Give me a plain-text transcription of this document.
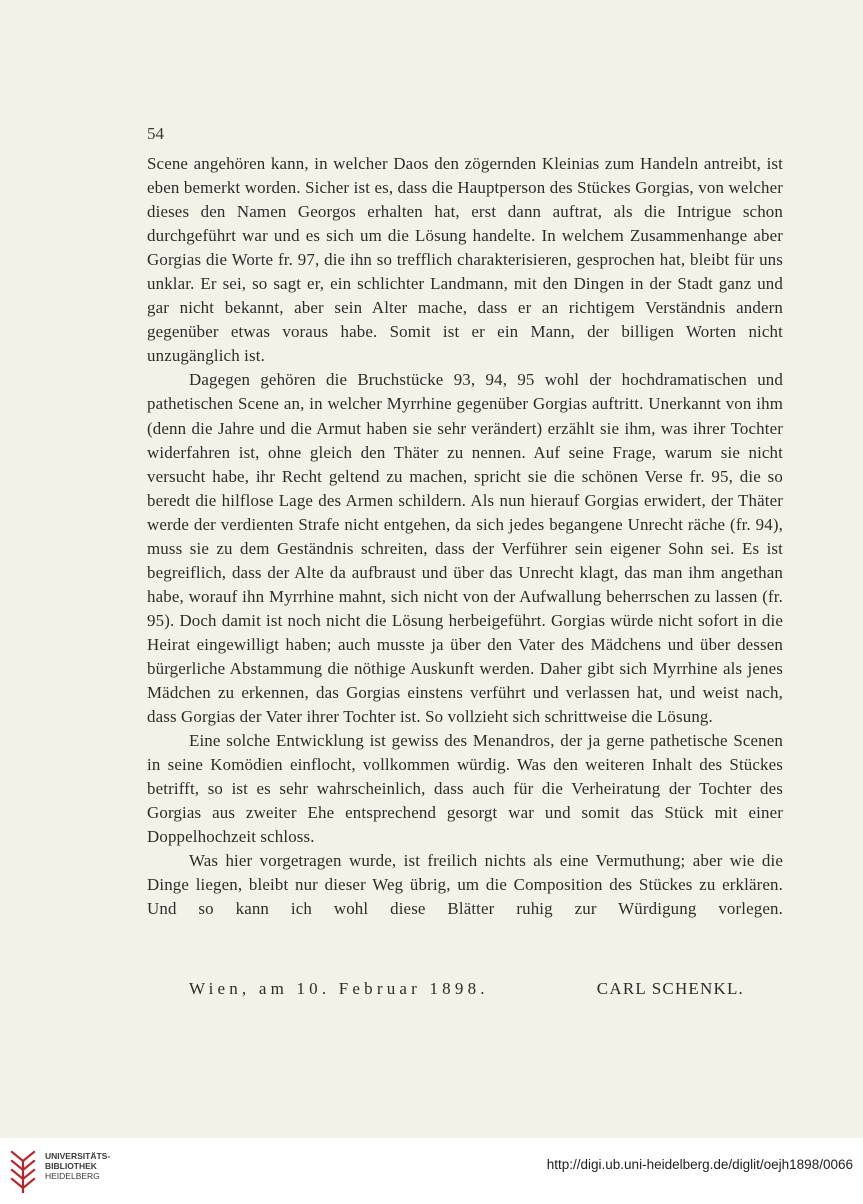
54

Scene angehören kann, in welcher Daos den zögernden Kleinias zum Handeln antreibt, ist eben bemerkt worden. Sicher ist es, dass die Hauptperson des Stückes Gorgias, von welcher dieses den Namen Georgos erhalten hat, erst dann auftrat, als die Intrigue schon durchgeführt war und es sich um die Lösung handelte. In welchem Zusammenhange aber Gorgias die Worte fr. 97, die ihn so trefflich charakterisieren, gesprochen hat, bleibt für uns unklar. Er sei, so sagt er, ein schlichter Landmann, mit den Dingen in der Stadt ganz und gar nicht bekannt, aber sein Alter mache, dass er an richtigem Verständnis andern gegenüber etwas voraus habe. Somit ist er ein Mann, der billigen Worten nicht unzugänglich ist.

Dagegen gehören die Bruchstücke 93, 94, 95 wohl der hochdramatischen und pathetischen Scene an, in welcher Myrrhine gegenüber Gorgias auftritt. Unerkannt von ihm (denn die Jahre und die Armut haben sie sehr verändert) erzählt sie ihm, was ihrer Tochter widerfahren ist, ohne gleich den Thäter zu nennen. Auf seine Frage, warum sie nicht versucht habe, ihr Recht geltend zu machen, spricht sie die schönen Verse fr. 95, die so beredt die hilflose Lage des Armen schildern. Als nun hierauf Gorgias erwidert, der Thäter werde der verdienten Strafe nicht entgehen, da sich jedes begangene Unrecht räche (fr. 94), muss sie zu dem Geständnis schreiten, dass der Verführer sein eigener Sohn sei. Es ist begreiflich, dass der Alte da aufbraust und über das Unrecht klagt, das man ihm angethan habe, worauf ihn Myrrhine mahnt, sich nicht von der Aufwallung beherrschen zu lassen (fr. 95). Doch damit ist noch nicht die Lösung herbeigeführt. Gorgias würde nicht sofort in die Heirat eingewilligt haben; auch musste ja über den Vater des Mädchens und über dessen bürgerliche Abstammung die nöthige Auskunft werden. Daher gibt sich Myrrhine als jenes Mädchen zu erkennen, das Gorgias einstens verführt und verlassen hat, und weist nach, dass Gorgias der Vater ihrer Tochter ist. So vollzieht sich schrittweise die Lösung.

Eine solche Entwicklung ist gewiss des Menandros, der ja gerne pathetische Scenen in seine Komödien einflocht, vollkommen würdig. Was den weiteren Inhalt des Stückes betrifft, so ist es sehr wahrscheinlich, dass auch für die Verheiratung der Tochter des Gorgias aus zweiter Ehe entsprechend gesorgt war und somit das Stück mit einer Doppelhochzeit schloss.

Was hier vorgetragen wurde, ist freilich nichts als eine Vermuthung; aber wie die Dinge liegen, bleibt nur dieser Weg übrig, um die Composition des Stückes zu erklären. Und so kann ich wohl diese Blätter ruhig zur Würdigung vorlegen.

Wien, am 10. Februar 1898.	CARL SCHENKL.
UNIVERSITÄTS-
BIBLIOTHEK
HEIDELBERG
http://digi.ub.uni-heidelberg.de/diglit/oejh1898/0066
